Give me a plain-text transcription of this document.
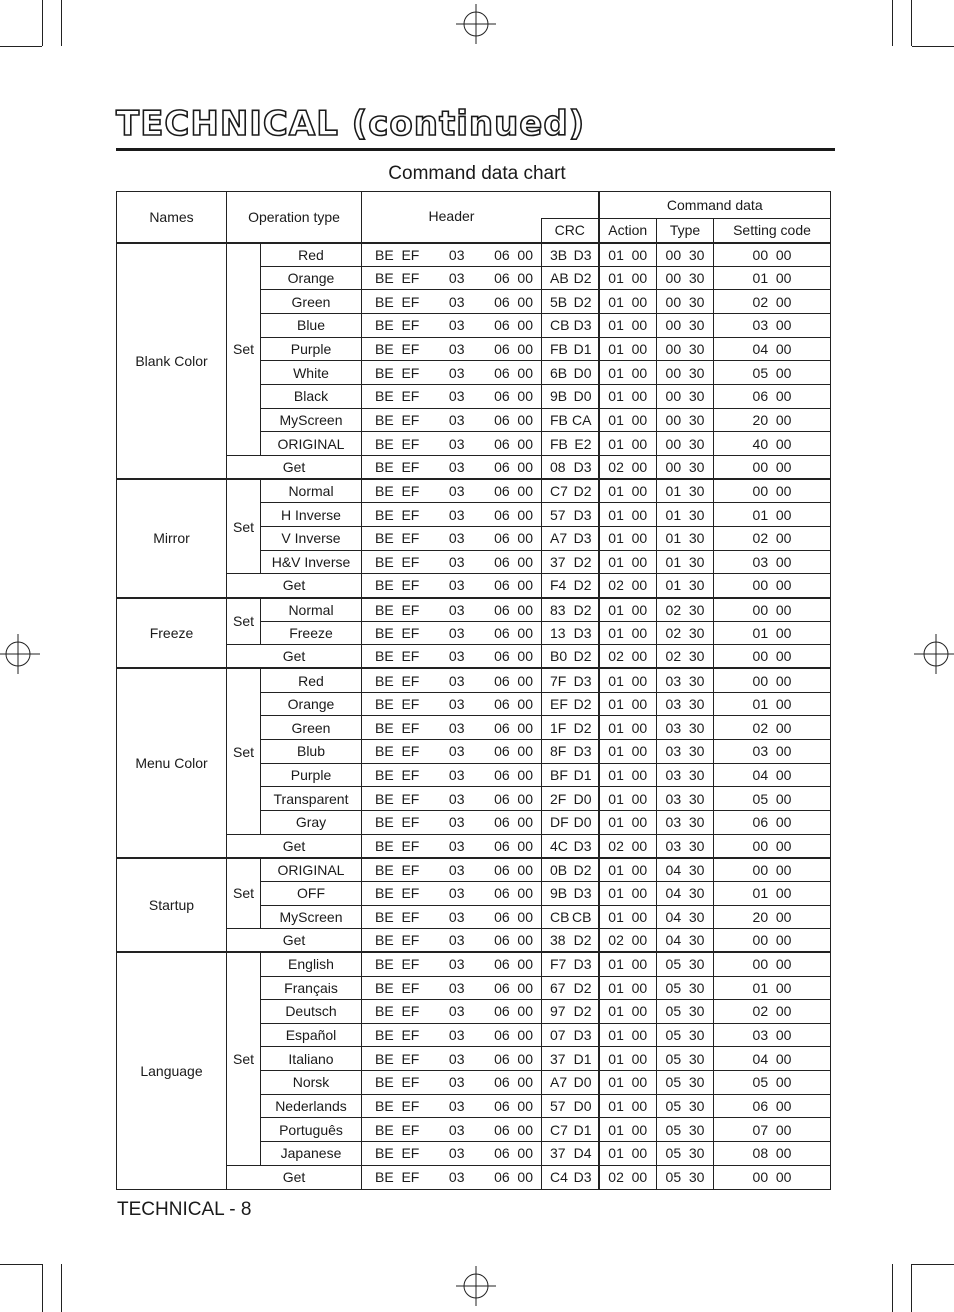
TECHNICAL (continued)
Command data chart
Names	Operation type		Header		Command data		
				CRC	Action	Type	Setting code
Blank Color	Set	Red	BE  EF 03 06  00	3B D3	01  00	00  30	00  00
		Orange	BE  EF 03 06  00	AB D2	01  00	00  30	01  00
		Green	BE  EF 03 06  00	5B D2	01  00	00  30	02  00
		Blue	BE  EF 03 06  00	CB D3	01  00	00  30	03  00
		Purple	BE  EF 03 06  00	FB D1	01  00	00  30	04  00
		White	BE  EF 03 06  00	6B D0	01  00	00  30	05  00
		Black	BE  EF 03 06  00	9B D0	01  00	00  30	06  00
		MyScreen	BE  EF 03 06  00	FB CA	01  00	00  30	20  00
		ORIGINAL	BE  EF 03 06  00	FB E2	01  00	00  30	40  00
	Get		BE  EF 03 06  00	08 D3	02  00	00  30	00  00
Mirror	Set	Normal	BE  EF 03 06  00	C7 D2	01  00	01  30	00  00
		H Inverse	BE  EF 03 06  00	57 D3	01  00	01  30	01  00
		V Inverse	BE  EF 03 06  00	A7 D3	01  00	01  30	02  00
		H&V Inverse	BE  EF 03 06  00	37 D2	01  00	01  30	03  00
	Get		BE  EF 03 06  00	F4 D2	02  00	01  30	00  00
Freeze	Set	Normal	BE  EF 03 06  00	83 D2	01  00	02  30	00  00
		Freeze	BE  EF 03 06  00	13 D3	01  00	02  30	01  00
	Get		BE  EF 03 06  00	B0 D2	02  00	02  30	00  00
Menu Color	Set	Red	BE  EF 03 06  00	7F D3	01  00	03  30	00  00
		Orange	BE  EF 03 06  00	EF D2	01  00	03  30	01  00
		Green	BE  EF 03 06  00	1F D2	01  00	03  30	02  00
		Blub	BE  EF 03 06  00	8F D3	01  00	03  30	03  00
		Purple	BE  EF 03 06  00	BF D1	01  00	03  30	04  00
		Transparent	BE  EF 03 06  00	2F D0	01  00	03  30	05  00
		Gray	BE  EF 03 06  00	DF D0	01  00	03  30	06  00
	Get		BE  EF 03 06  00	4C D3	02  00	03  30	00  00
Startup	Set	ORIGINAL	BE  EF 03 06  00	0B D2	01  00	04  30	00  00
		OFF	BE  EF 03 06  00	9B D3	01  00	04  30	01  00
		MyScreen	BE  EF 03 06  00	CB CB	01  00	04  30	20  00
	Get		BE  EF 03 06  00	38 D2	02  00	04  30	00  00
Language	Set	English	BE  EF 03 06  00	F7 D3	01  00	05  30	00  00
		Français	BE  EF 03 06  00	67 D2	01  00	05  30	01  00
		Deutsch	BE  EF 03 06  00	97 D2	01  00	05  30	02  00
		Español	BE  EF 03 06  00	07 D3	01  00	05  30	03  00
		Italiano	BE  EF 03 06  00	37 D1	01  00	05  30	04  00
		Norsk	BE  EF 03 06  00	A7 D0	01  00	05  30	05  00
		Nederlands	BE  EF 03 06  00	57 D0	01  00	05  30	06  00
		Português	BE  EF 03 06  00	C7 D1	01  00	05  30	07  00
		Japanese	BE  EF 03 06  00	37 D4	01  00	05  30	08  00
	Get		BE  EF 03 06  00	C4 D3	02  00	05  30	00  00
TECHNICAL - 8
